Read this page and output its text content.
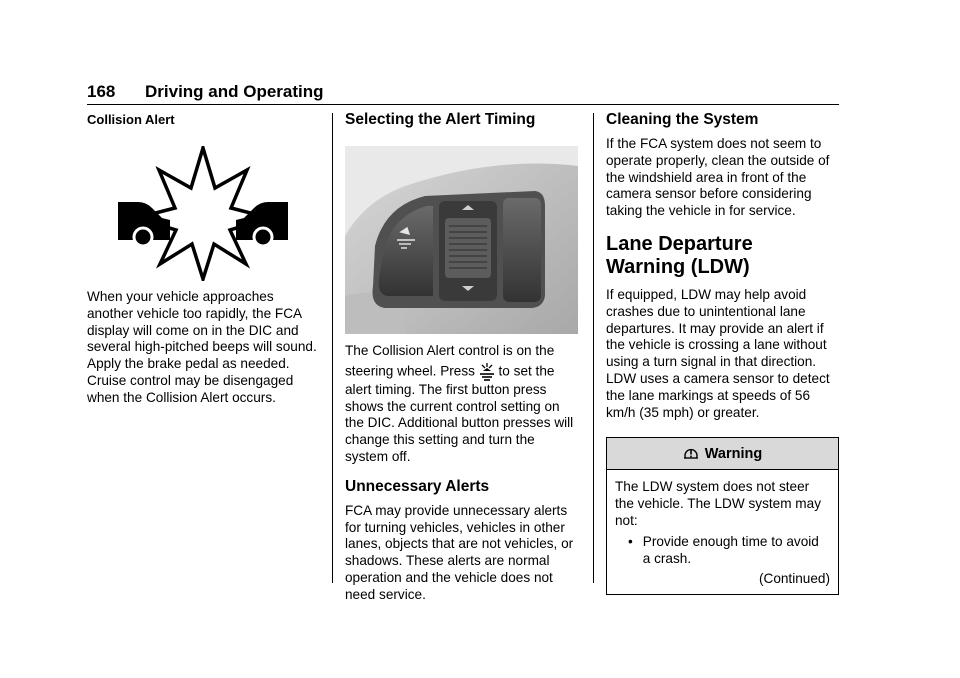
168 Driving and Operating
Collision Alert

When your vehicle approaches another vehicle too rapidly, the FCA display will come on in the DIC and several high-pitched beeps will sound. Apply the brake pedal as needed. Cruise control may be disengaged when the Collision Alert occurs.

Selecting the Alert Timing

The Collision Alert control is on the

steering wheel. Press to set the

alert timing. The first button press shows the current control setting on the DIC. Additional button presses will change this setting and turn the system off.

Unnecessary Alerts

FCA may provide unnecessary alerts for turning vehicles, vehicles in other lanes, objects that are not vehicles, or shadows. These alerts are normal operation and the vehicle does not need service.

Cleaning the System

If the FCA system does not seem to operate properly, clean the outside of the windshield area in front of the camera sensor before considering taking the vehicle in for service.

Lane Departure
Warning (LDW)

If equipped, LDW may help avoid crashes due to unintentional lane departures. It may provide an alert if the vehicle is crossing a lane without using a turn signal in that direction. LDW uses a camera sensor to detect the lane markings at speeds of 56 km/h (35 mph) or greater.

Warning

The LDW system does not steer the vehicle. The LDW system may not:

• Provide enough time to avoid a crash.

(Continued)
